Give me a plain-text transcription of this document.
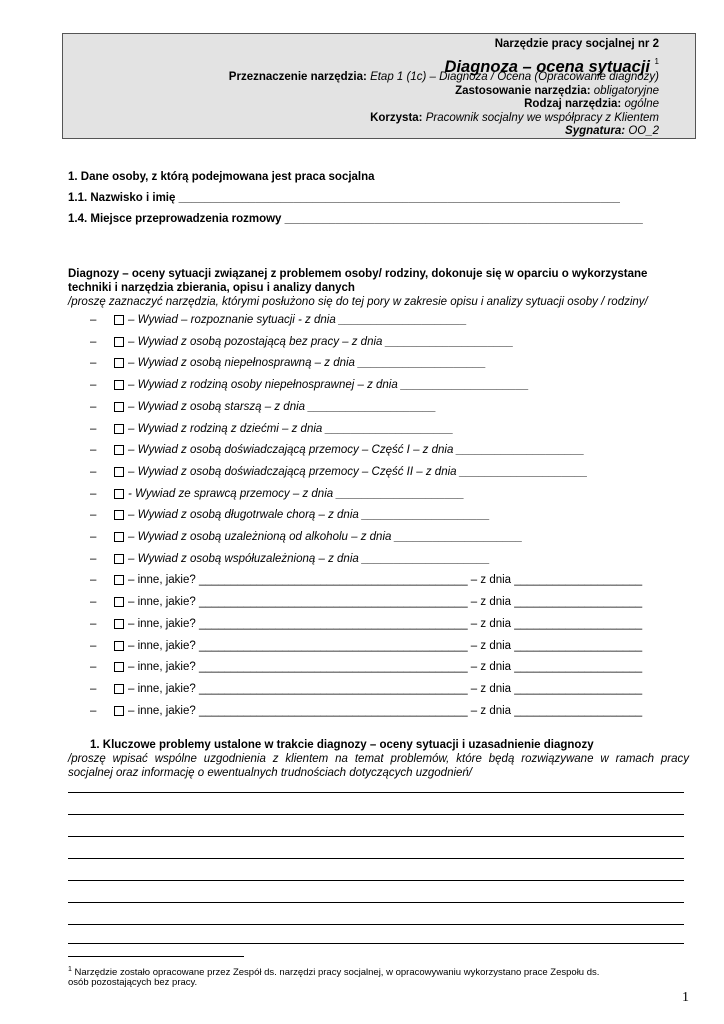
Narzędzie pracy socjalnej nr 2
Diagnoza – ocena sytuacji $^1$
Przeznaczenie narzędzia: Etap 1 (1c) – Diagnoza / Ocena (Opracowanie diagnozy)
Zastosowanie narzędzia: obligatoryjne
Rodzaj narzędzia: ogólne
Korzysta: Pracownik socjalny we współpracy z Klientem
Sygnatura: OO_2
1. Dane osoby, z którą podejmowana jest praca socjalna
1.1. Nazwisko i imię _____________________________________________________________________
1.4. Miejsce przeprowadzenia rozmowy ________________________________________________________
Diagnozy – oceny sytuacji związanej z problemem osoby/ rodziny, dokonuje się w oparciu o wykorzystane
techniki i narzędzia zbierania, opisu i analizy danych
/proszę zaznaczyć narzędzia, którymi posłużono się do tej pory w zakresie opisu i analizy sytuacji osoby / rodziny/
–	– Wywiad – rozpoznanie sytuacji - z dnia ____________________
–	– Wywiad z osobą pozostającą bez pracy – z dnia ____________________
–	– Wywiad z osobą niepełnosprawną – z dnia ____________________
–	– Wywiad z rodziną osoby niepełnosprawnej – z dnia ____________________
–	– Wywiad z osobą starszą – z dnia ____________________
–	– Wywiad z rodziną z dziećmi – z dnia ____________________
–	– Wywiad z osobą doświadczającą przemocy – Część I – z dnia ____________________
–	– Wywiad z osobą doświadczającą przemocy – Część II – z dnia ____________________
–	- Wywiad ze sprawcą przemocy – z dnia ____________________
–	– Wywiad z osobą długotrwale chorą – z dnia ____________________
–	– Wywiad z osobą uzależnioną od alkoholu – z dnia ____________________
–	– Wywiad z osobą współuzależnioną – z dnia ____________________
–	– inne, jakie? __________________________________________ – z dnia ____________________
–	– inne, jakie? __________________________________________ – z dnia ____________________
–	– inne, jakie? __________________________________________ – z dnia ____________________
–	– inne, jakie? __________________________________________ – z dnia ____________________
–	– inne, jakie? __________________________________________ – z dnia ____________________
–	– inne, jakie? __________________________________________ – z dnia ____________________
–	– inne, jakie? __________________________________________ – z dnia ____________________
1. Kluczowe problemy ustalone w trakcie diagnozy – oceny sytuacji i uzasadnienie diagnozy
/proszę wpisać wspólne uzgodnienia z klientem na temat problemów, które będą rozwiązywane w ramach pracy
socjalnej oraz informację o ewentualnych trudnościach dotyczących uzgodnień/
$^1$ Narzędzie zostało opracowane przez Zespół ds. narzędzi pracy socjalnej, w opracowywaniu wykorzystano prace Zespołu ds.
osób pozostających bez pracy.
1
